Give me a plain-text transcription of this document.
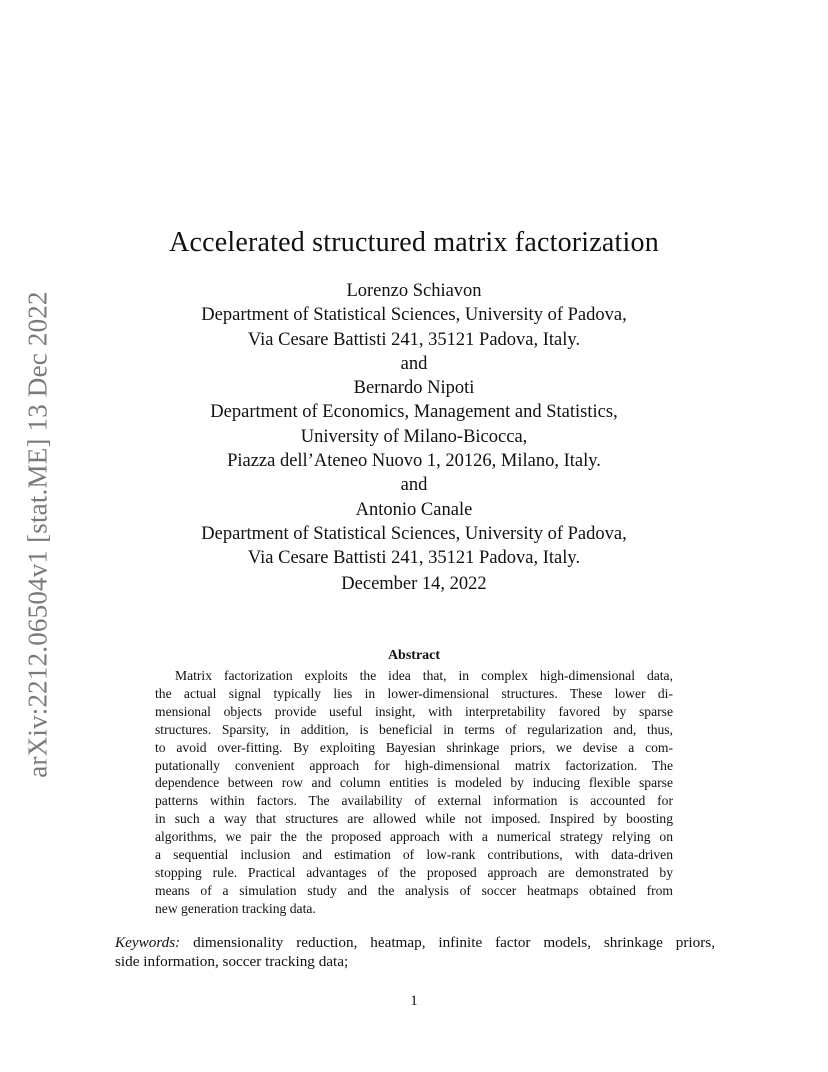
arXiv:2212.06504v1 [stat.ME] 13 Dec 2022
Accelerated structured matrix factorization
Lorenzo Schiavon
Department of Statistical Sciences, University of Padova,
Via Cesare Battisti 241, 35121 Padova, Italy.
and
Bernardo Nipoti
Department of Economics, Management and Statistics,
University of Milano-Bicocca,
Piazza dell’Ateneo Nuovo 1, 20126, Milano, Italy.
and
Antonio Canale
Department of Statistical Sciences, University of Padova,
Via Cesare Battisti 241, 35121 Padova, Italy.
December 14, 2022
Abstract
Matrix factorization exploits the idea that, in complex high-dimensional data,
the actual signal typically lies in lower-dimensional structures. These lower di-
mensional objects provide useful insight, with interpretability favored by sparse
structures. Sparsity, in addition, is beneficial in terms of regularization and, thus,
to avoid over-fitting. By exploiting Bayesian shrinkage priors, we devise a com-
putationally convenient approach for high-dimensional matrix factorization. The
dependence between row and column entities is modeled by inducing flexible sparse
patterns within factors. The availability of external information is accounted for
in such a way that structures are allowed while not imposed. Inspired by boosting
algorithms, we pair the the proposed approach with a numerical strategy relying on
a sequential inclusion and estimation of low-rank contributions, with data-driven
stopping rule. Practical advantages of the proposed approach are demonstrated by
means of a simulation study and the analysis of soccer heatmaps obtained from
new generation tracking data.
Keywords: dimensionality reduction, heatmap, infinite factor models, shrinkage priors,
side information, soccer tracking data;
1
